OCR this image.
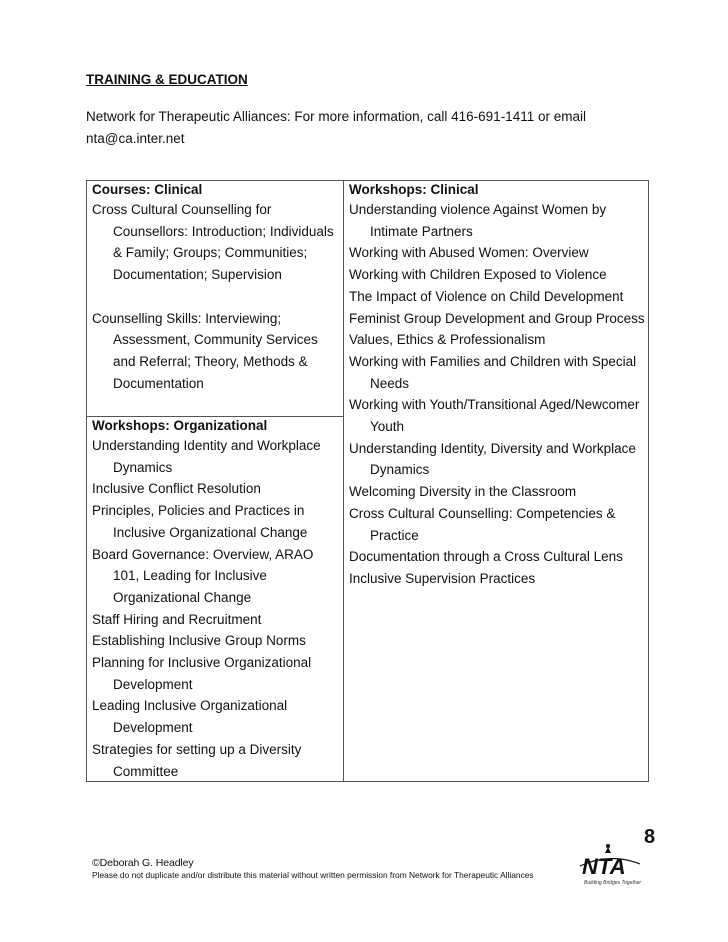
TRAINING & EDUCATION
Network for Therapeutic Alliances: For more information, call 416-691-1411 or email
nta@ca.inter.net
Courses: Clinical
Cross Cultural Counselling for Counsellors: Introduction; Individuals & Family; Groups; Communities; Documentation; Supervision
Counselling Skills: Interviewing; Assessment, Community Services and Referral; Theory, Methods & Documentation
Workshops: Organizational
Understanding Identity and Workplace Dynamics
Inclusive Conflict Resolution
Principles, Policies and Practices in Inclusive Organizational Change
Board Governance: Overview, ARAO 101, Leading for Inclusive Organizational Change
Staff Hiring and Recruitment
Establishing Inclusive Group Norms
Planning for Inclusive Organizational Development
Leading Inclusive Organizational Development
Strategies for setting up a Diversity Committee
Workshops: Clinical
Understanding violence Against Women by Intimate Partners
Working with Abused Women: Overview
Working with Children Exposed to Violence
The Impact of Violence on Child Development
Feminist Group Development and Group Process
Values, Ethics & Professionalism
Working with Families and Children with Special Needs
Working with Youth/Transitional Aged/Newcomer Youth
Understanding Identity, Diversity and Workplace Dynamics
Welcoming Diversity in the Classroom
Cross Cultural Counselling: Competencies & Practice
Documentation through a Cross Cultural Lens
Inclusive Supervision Practices
8
NTA
Building Bridges Together
©Deborah G. Headley
Please do not duplicate and/or distribute this material without written permission from Network for Therapeutic Alliances
